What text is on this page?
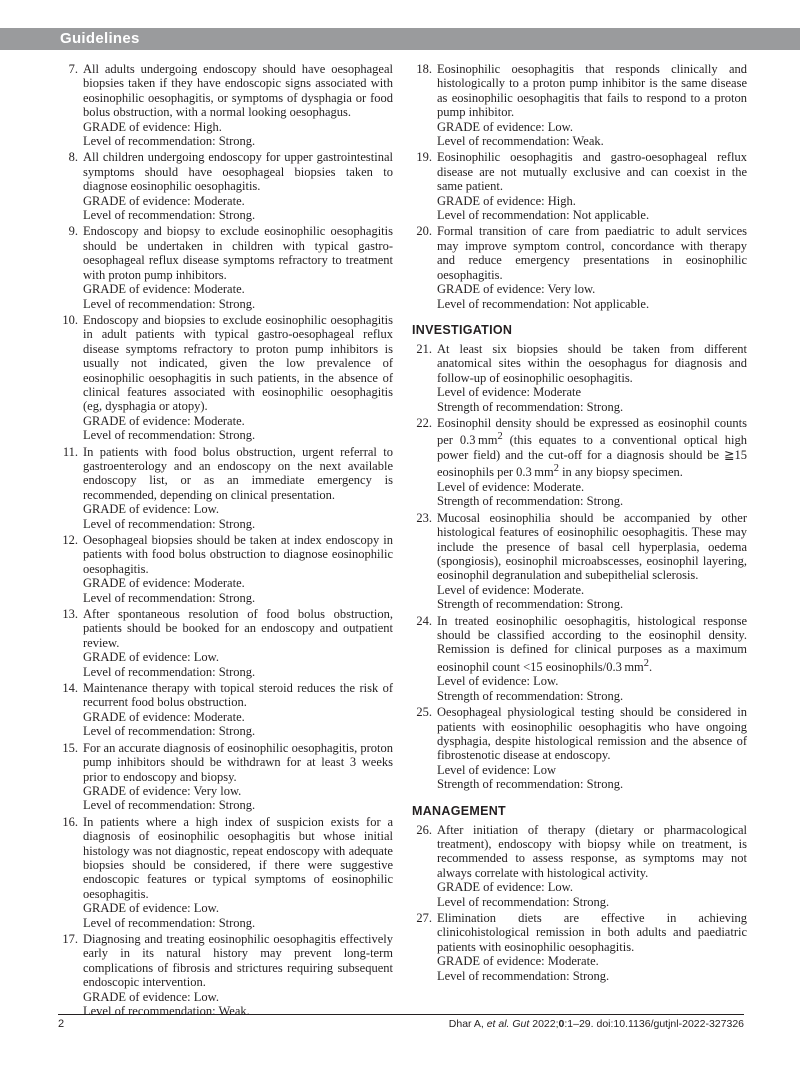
Guidelines
7. All adults undergoing endoscopy should have oesophageal biopsies taken if they have endoscopic signs associated with eosinophilic oesophagitis, or symptoms of dysphagia or food bolus obstruction, with a normal looking oesophagus.
GRADE of evidence: High.
Level of recommendation: Strong.
8. All children undergoing endoscopy for upper gastrointestinal symptoms should have oesophageal biopsies taken to diagnose eosinophilic oesophagitis.
GRADE of evidence: Moderate.
Level of recommendation: Strong.
9. Endoscopy and biopsy to exclude eosinophilic oesophagitis should be undertaken in children with typical gastro-oesophageal reflux disease symptoms refractory to treatment with proton pump inhibitors.
GRADE of evidence: Moderate.
Level of recommendation: Strong.
10. Endoscopy and biopsies to exclude eosinophilic oesophagitis in adult patients with typical gastro-oesophageal reflux disease symptoms refractory to proton pump inhibitors is usually not indicated, given the low prevalence of eosinophilic oesophagitis in such patients, in the absence of clinical features associated with eosinophilic oesophagitis (eg, dysphagia or atopy).
GRADE of evidence: Moderate.
Level of recommendation: Strong.
11. In patients with food bolus obstruction, urgent referral to gastroenterology and an endoscopy on the next available endoscopy list, or as an immediate emergency is recommended, depending on clinical presentation.
GRADE of evidence: Low.
Level of recommendation: Strong.
12. Oesophageal biopsies should be taken at index endoscopy in patients with food bolus obstruction to diagnose eosinophilic oesophagitis.
GRADE of evidence: Moderate.
Level of recommendation: Strong.
13. After spontaneous resolution of food bolus obstruction, patients should be booked for an endoscopy and outpatient review.
GRADE of evidence: Low.
Level of recommendation: Strong.
14. Maintenance therapy with topical steroid reduces the risk of recurrent food bolus obstruction.
GRADE of evidence: Moderate.
Level of recommendation: Strong.
15. For an accurate diagnosis of eosinophilic oesophagitis, proton pump inhibitors should be withdrawn for at least 3 weeks prior to endoscopy and biopsy.
GRADE of evidence: Very low.
Level of recommendation: Strong.
16. In patients where a high index of suspicion exists for a diagnosis of eosinophilic oesophagitis but whose initial histology was not diagnostic, repeat endoscopy with adequate biopsies should be considered, if there were suggestive endoscopic features or typical symptoms of eosinophilic oesophagitis.
GRADE of evidence: Low.
Level of recommendation: Strong.
17. Diagnosing and treating eosinophilic oesophagitis effectively early in its natural history may prevent long-term complications of fibrosis and strictures requiring subsequent endoscopic intervention.
GRADE of evidence: Low.
Level of recommendation: Weak.
18. Eosinophilic oesophagitis that responds clinically and histologically to a proton pump inhibitor is the same disease as eosinophilic oesophagitis that fails to respond to a proton pump inhibitor.
GRADE of evidence: Low.
Level of recommendation: Weak.
19. Eosinophilic oesophagitis and gastro-oesophageal reflux disease are not mutually exclusive and can coexist in the same patient.
GRADE of evidence: High.
Level of recommendation: Not applicable.
20. Formal transition of care from paediatric to adult services may improve symptom control, concordance with therapy and reduce emergency presentations in eosinophilic oesophagitis.
GRADE of evidence: Very low.
Level of recommendation: Not applicable.
INVESTIGATION
21. At least six biopsies should be taken from different anatomical sites within the oesophagus for diagnosis and follow-up of eosinophilic oesophagitis.
Level of evidence: Moderate
Strength of recommendation: Strong.
22. Eosinophil density should be expressed as eosinophil counts per 0.3 $mm^2$ (this equates to a conventional optical high power field) and the cut-off for a diagnosis should be ≧15 eosinophils per 0.3 $mm^2$ in any biopsy specimen.
Level of evidence: Moderate.
Strength of recommendation: Strong.
23. Mucosal eosinophilia should be accompanied by other histological features of eosinophilic oesophagitis. These may include the presence of basal cell hyperplasia, oedema (spongiosis), eosinophil microabscesses, eosinophil layering, eosinophil degranulation and subepithelial sclerosis.
Level of evidence: Moderate.
Strength of recommendation: Strong.
24. In treated eosinophilic oesophagitis, histological response should be classified according to the eosinophil density. Remission is defined for clinical purposes as a maximum eosinophil count <15 eosinophils/0.3 $mm^2$.
Level of evidence: Low.
Strength of recommendation: Strong.
25. Oesophageal physiological testing should be considered in patients with eosinophilic oesophagitis who have ongoing dysphagia, despite histological remission and the absence of fibrostenotic disease at endoscopy.
Level of evidence: Low
Strength of recommendation: Strong.
MANAGEMENT
26. After initiation of therapy (dietary or pharmacological treatment), endoscopy with biopsy while on treatment, is recommended to assess response, as symptoms may not always correlate with histological activity.
GRADE of evidence: Low.
Level of recommendation: Strong.
27. Elimination diets are effective in achieving clinicohistological remission in both adults and paediatric patients with eosinophilic oesophagitis.
GRADE of evidence: Moderate.
Level of recommendation: Strong.
2	Dhar A, et al. Gut 2022;0:1–29. doi:10.1136/gutjnl-2022-327326
